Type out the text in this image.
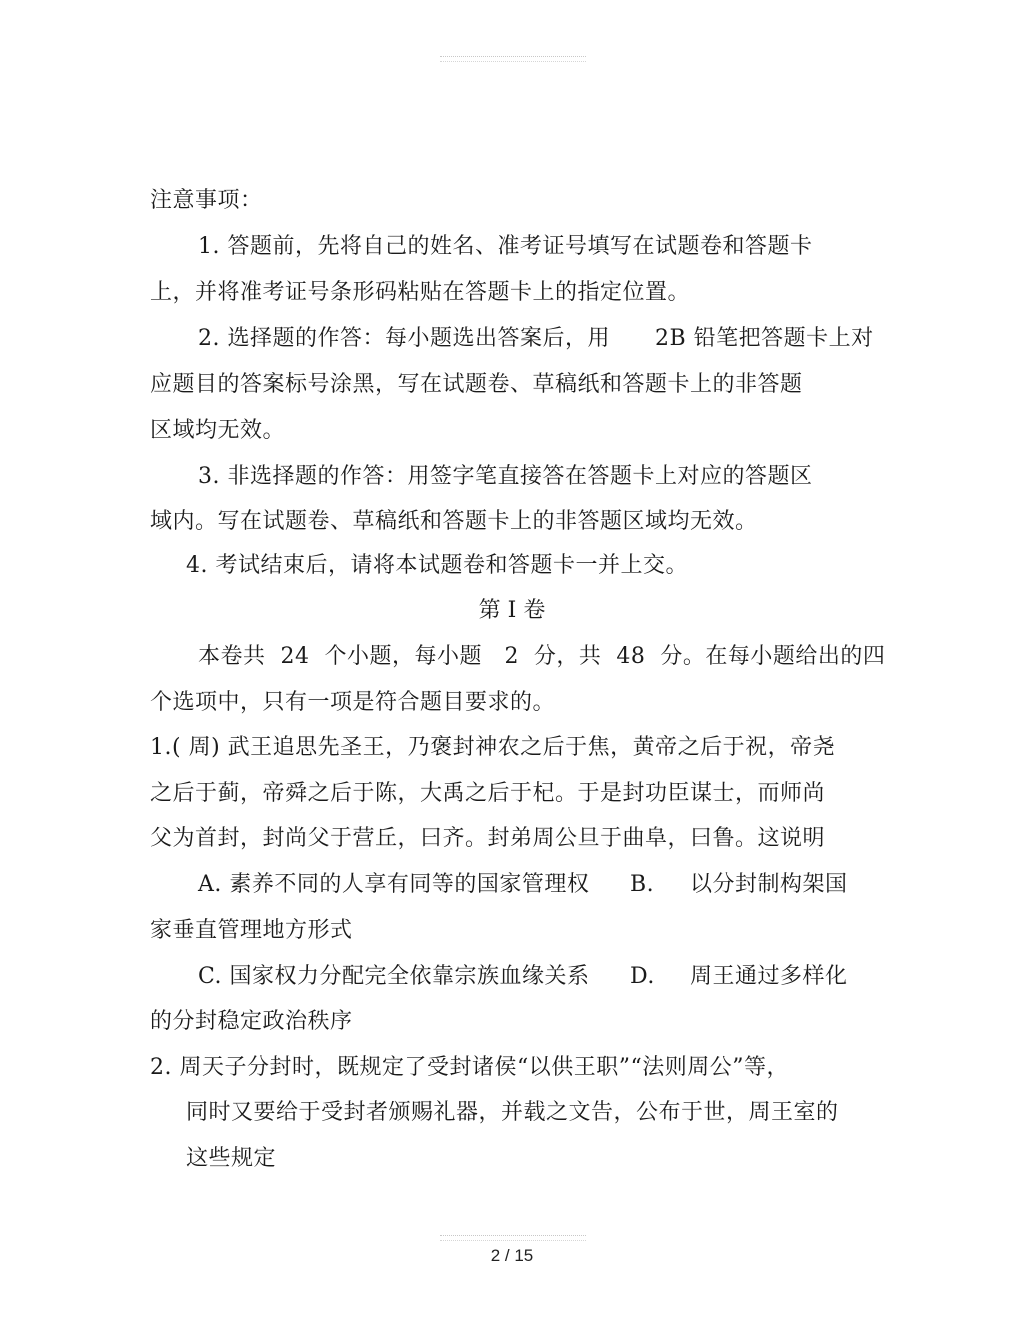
注意事项：
1. 答题前，先将自己的姓名、准考证号填写在试题卷和答题卡
上，并将准考证号条形码粘贴在答题卡上的指定位置。
2. 选择题的作答：每小题选出答案后，用      2B 铅笔把答题卡上对
应题目的答案标号涂黑，写在试题卷、草稿纸和答题卡上的非答题
区域均无效。
3. 非选择题的作答：用签字笔直接答在答题卡上对应的答题区
域内。写在试题卷、草稿纸和答题卡上的非答题区域均无效。
4. 考试结束后，请将本试题卷和答题卡一并上交。
第 I 卷
本卷共  24  个小题，每小题   2  分，共  48  分。在每小题给出的四
个选项中，只有一项是符合题目要求的。
1.( 周) 武王追思先圣王，乃褒封神农之后于焦，黄帝之后于祝，帝尧
之后于蓟，帝舜之后于陈，大禹之后于杞。于是封功臣谋士，而师尚
父为首封，封尚父于营丘，曰齐。封弟周公旦于曲阜，曰鲁。这说明
A. 素养不同的人享有同等的国家管理权 B. 以分封制构架国
家垂直管理地方形式
C. 国家权力分配完全依靠宗族血缘关系 D. 周王通过多样化
的分封稳定政治秩序
2. 周天子分封时，既规定了受封诸侯“以供王职”“法则周公”等，
同时又要给于受封者颁赐礼器，并载之文告，公布于世，周王室的
这些规定
2 / 15
